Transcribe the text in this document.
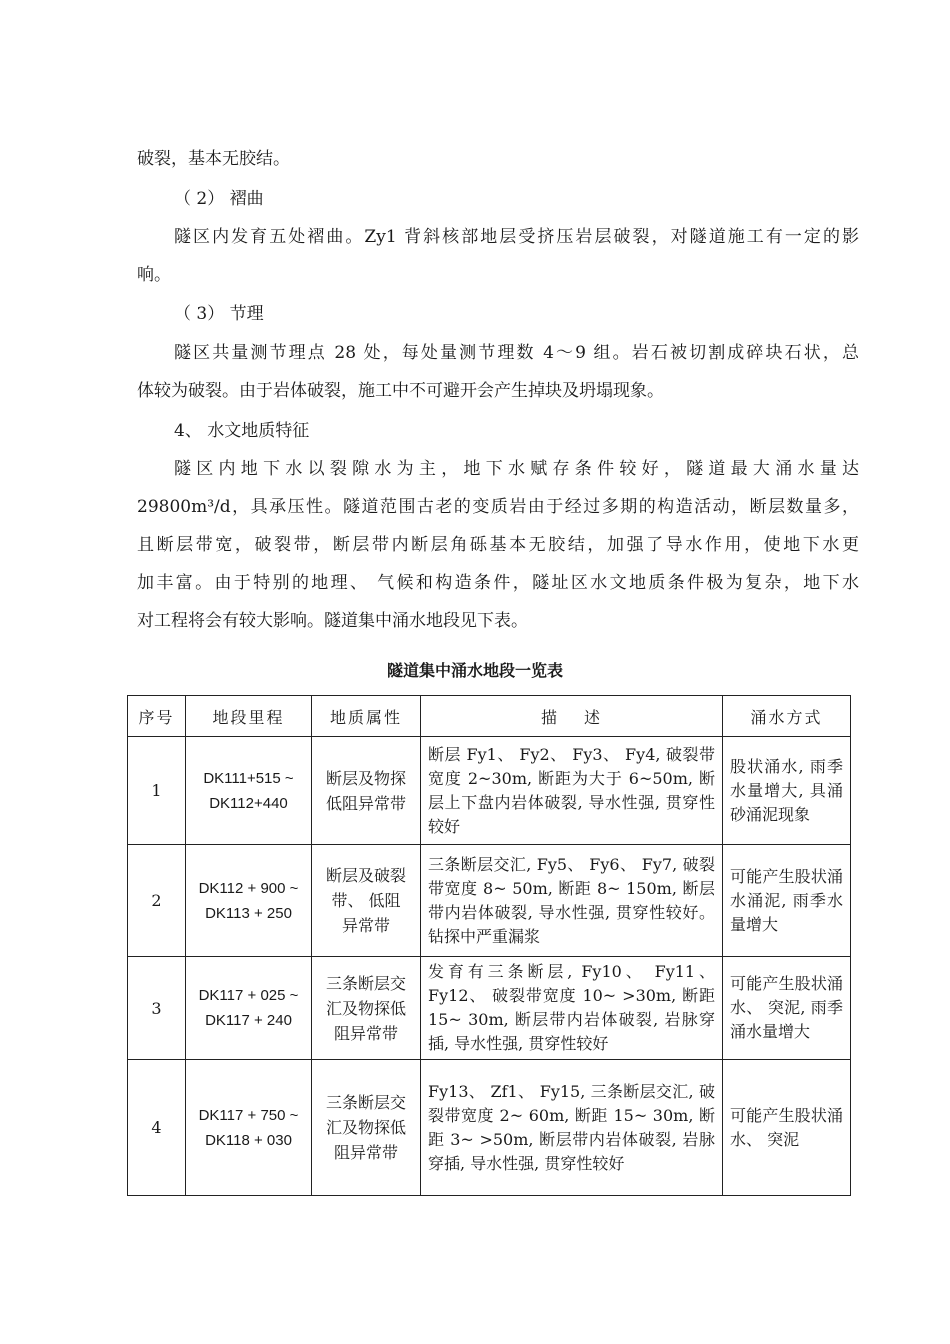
破裂，基本无胶结。

（ 2） 褶曲

隧区内发育五处褶曲。Zy1 背斜核部地层受挤压岩层破裂，对隧道施工有一定的影
响。

（ 3） 节理

隧区共量测节理点 28 处，每处量测节理数 4～9 组。岩石被切割成碎块石状，总
体较为破裂。由于岩体破裂，施工中不可避开会产生掉块及坍塌现象。

4、 水文地质特征

隧区内地下水以裂隙水为主，地下水赋存条件较好，隧道最大涌水量达
29800m³/d，具承压性。隧道范围古老的变质岩由于经过多期的构造活动，断层数量多，
且断层带宽，破裂带，断层带内断层角砾基本无胶结，加强了导水作用，使地下水更
加丰富。由于特别的地理、 气候和构造条件，隧址区水文地质条件极为复杂，地下水
对工程将会有较大影响。隧道集中涌水地段见下表。

隧道集中涌水地段一览表
序号	地段里程	地质属性	描　 述	涌水方式
1	DK111+515 ~
DK112+440	断层及物探低阻异常带	断层 Fy1、 Fy2、 Fy3、 Fy4, 破裂带宽度 2~30m, 断距为大于 6~50m, 断层上下盘内岩体破裂, 导水性强, 贯穿性较好	股状涌水, 雨季水量增大, 具涌砂涌泥现象
2	DK112 + 900 ~
DK113 + 250	断层及破裂带、 低阻异常带	三条断层交汇, Fy5、 Fy6、 Fy7, 破裂带宽度 8~ 50m, 断距 8~ 150m, 断层带内岩体破裂, 导水性强, 贯穿性较好。钻探中严重漏浆	可能产生股状涌水涌泥, 雨季水量增大
3	DK117 + 025 ~
DK117 + 240	三条断层交汇及物探低阻异常带	发育有三条断层, Fy10、 Fy11、 Fy12、 破裂带宽度 10~ >30m, 断距 15~ 30m, 断层带内岩体破裂, 岩脉穿插, 导水性强, 贯穿性较好	可能产生股状涌水、 突泥, 雨季涌水量增大
4	DK117 + 750 ~
DK118 + 030	三条断层交汇及物探低阻异常带	Fy13、 Zf1、 Fy15, 三条断层交汇, 破裂带宽度 2~ 60m, 断距 15~ 30m, 断距 3~ >50m, 断层带内岩体破裂, 岩脉穿插, 导水性强, 贯穿性较好	可能产生股状涌水、 突泥
